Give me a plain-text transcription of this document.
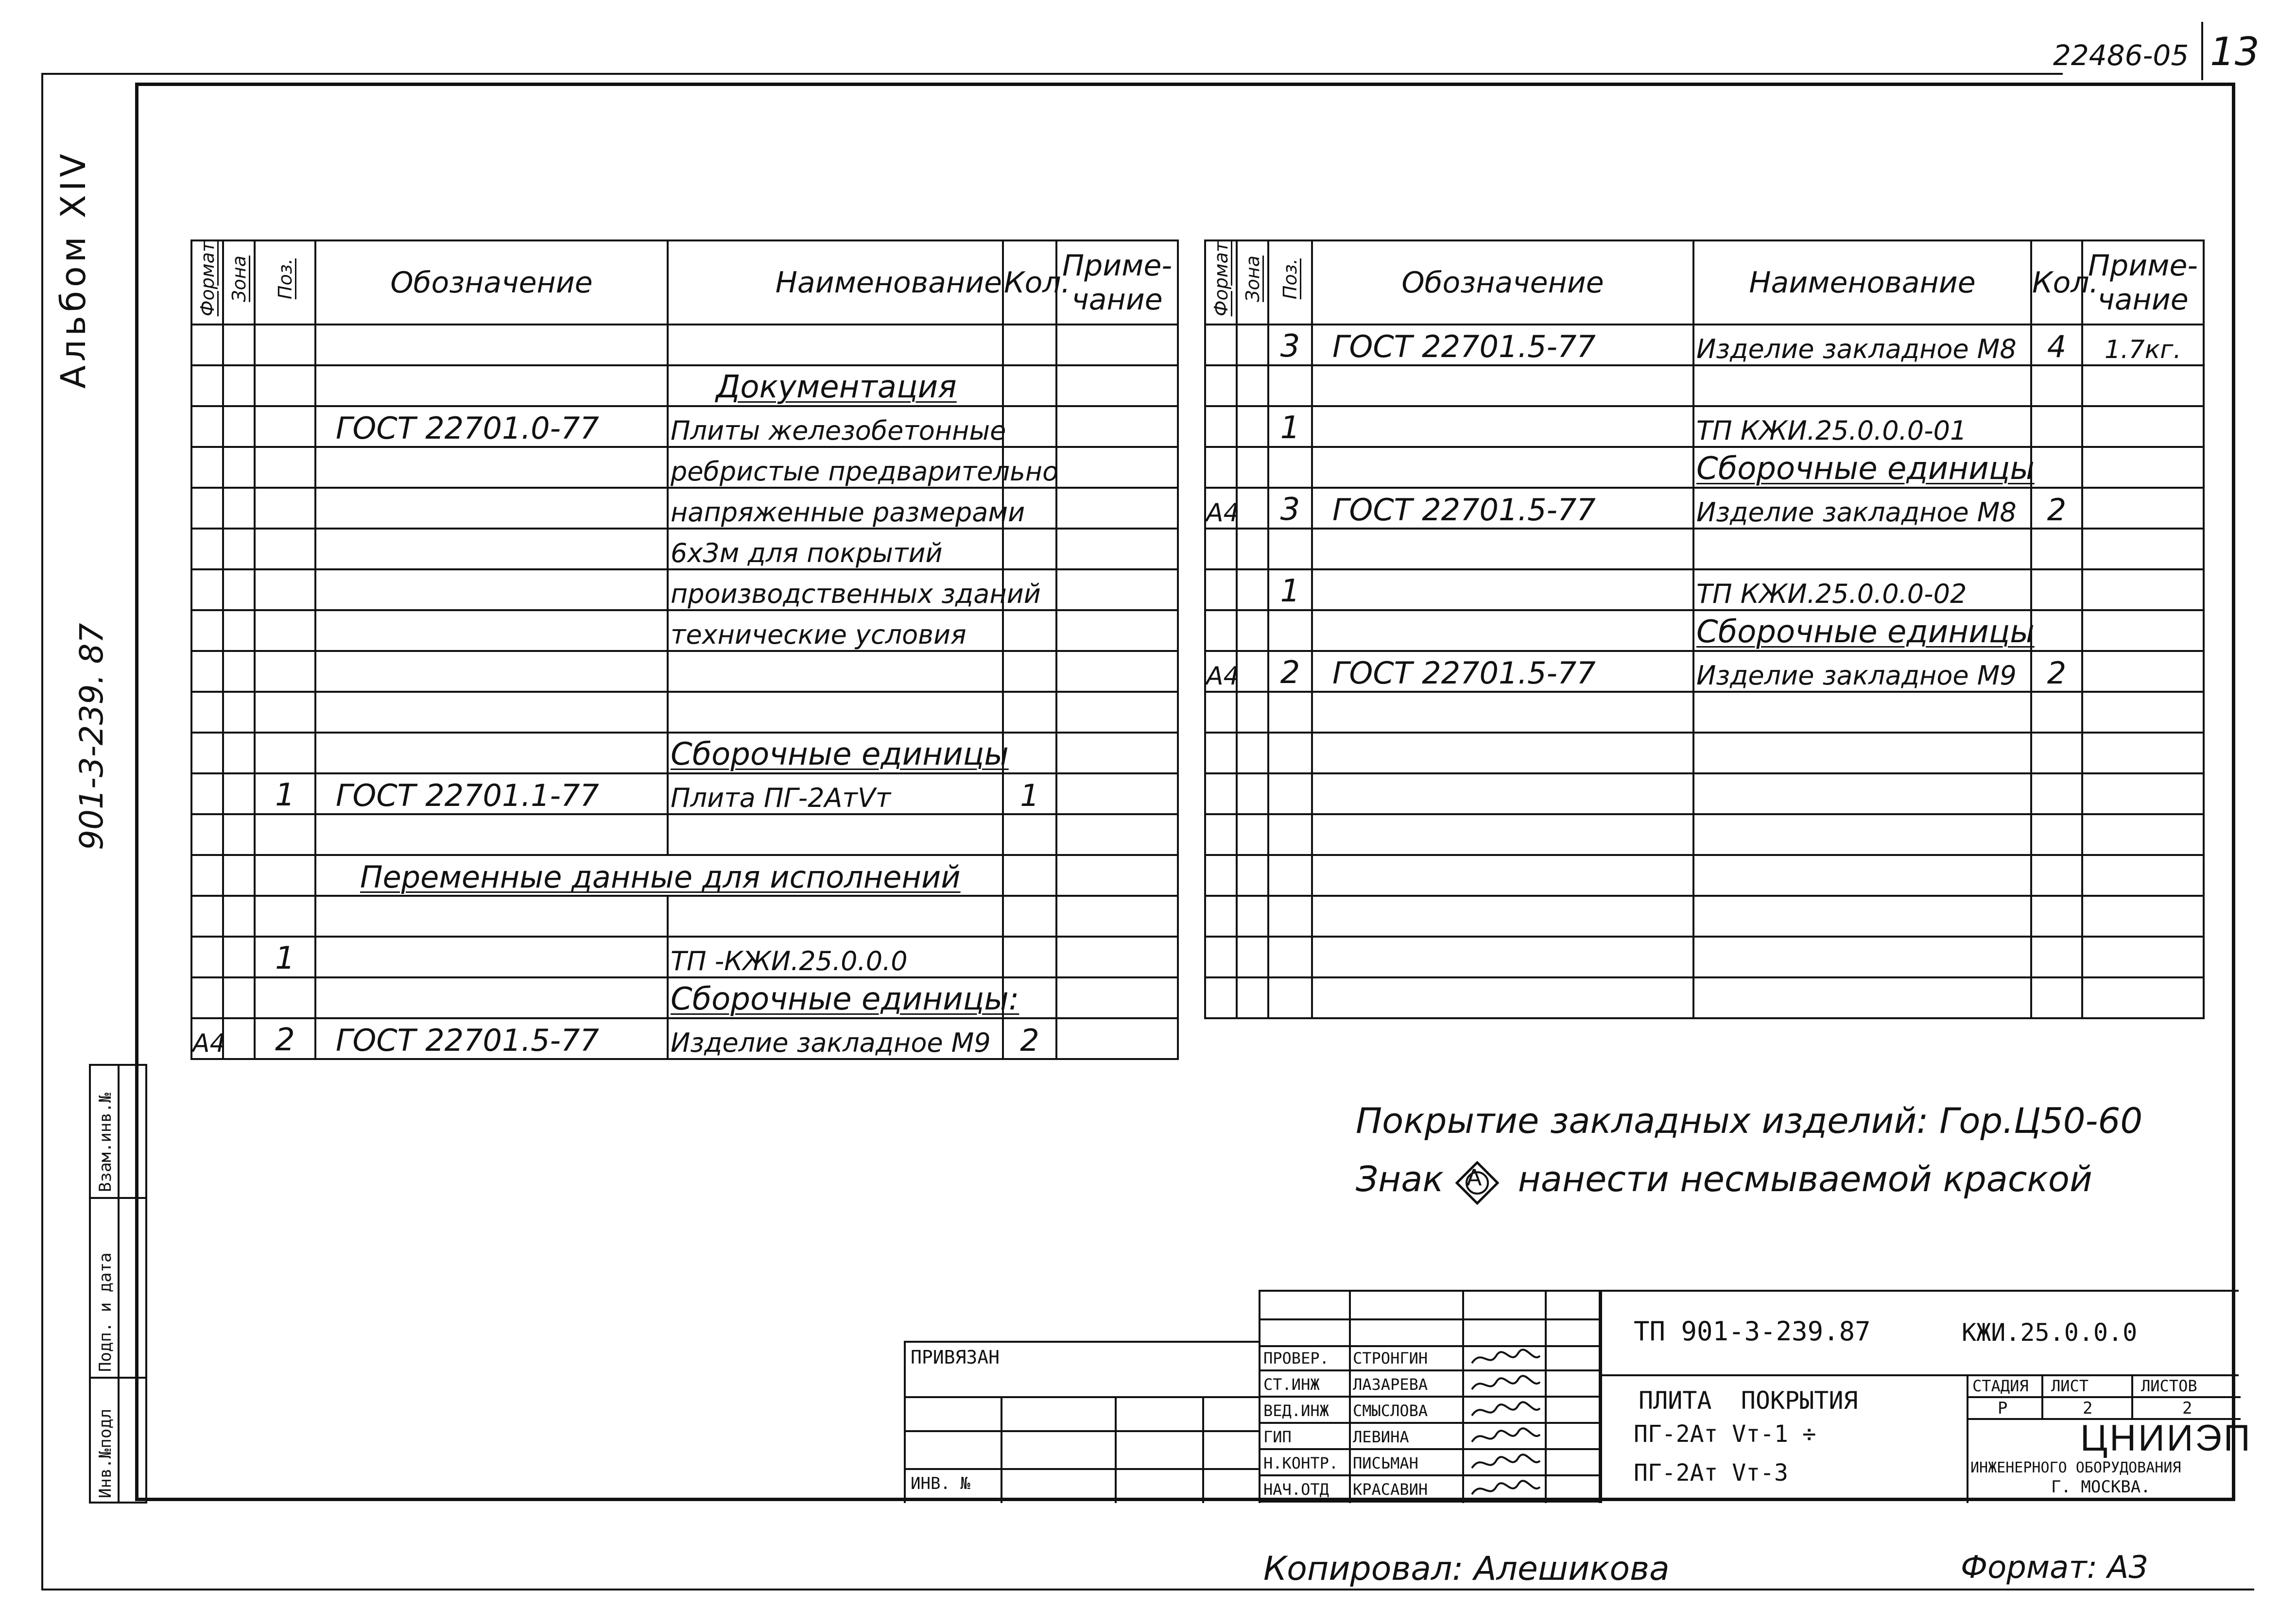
22486-05 13
Альбом XIV
901-3-239. 87
Инв.№подл
Подп. и дата
Взам.инв.№
Формат	Зона	Поз.	Обозначение	Наименование	Кол.	Приме-
чание

				Документация		
			ГОСТ 22701.0-77	Плиты железобетонные		
				ребристые предварительно		
				напряженные размерами		
				6х3м для покрытий		
				производственных зданий		
				технические условия		

				Сборочные единицы		
		1	ГОСТ 22701.1-77	Плита ПГ-2АтⅤт	1	

			Переменные данные для исполнений			

		1		ТП -КЖИ.25.0.0.0		
				Сборочные единицы:		
А4		2	ГОСТ 22701.5-77	Изделие закладное М9	2	
Формат	Зона	Поз.	Обозначение	Наименование	Кол.	Приме-
чание
		3	ГОСТ 22701.5-77	Изделие закладное М8	4	1.7кг.

		1		ТП КЖИ.25.0.0.0-01		
				Сборочные единицы		
А4		3	ГОСТ 22701.5-77	Изделие закладное М8	2	

		1		ТП КЖИ.25.0.0.0-02		
				Сборочные единицы		
А4		2	ГОСТ 22701.5-77	Изделие закладное М9	2	

Покрытие закладных изделий: Гор.Ц50-60
Знак А нанести несмываемой краской
ПРИВЯЗАН
ИНВ. №
ПРОВЕР. СТРОНГИН
СТ.ИНЖ ЛАЗАРЕВА
ВЕД.ИНЖ СМЫСЛОВА
ГИП	ЛЕВИНА
Н.КОНТР. ПИСЬМАН
НАЧ.ОТД КРАСАВИН
ТП 901-3-239.87	КЖИ.25.0.0.0
ПЛИТА  ПОКРЫТИЯ
ПГ-2Ат Vт-1 ÷
ПГ-2Ат Vт-3
СТАДИЯ ЛИСТ	ЛИСТОВ
Р	2	2
ЦНИИЭП
ИНЖЕНЕРНОГО ОБОРУДОВАНИЯ
Г. МОСКВА.
Копировал: Алешикова	Формат: А3
